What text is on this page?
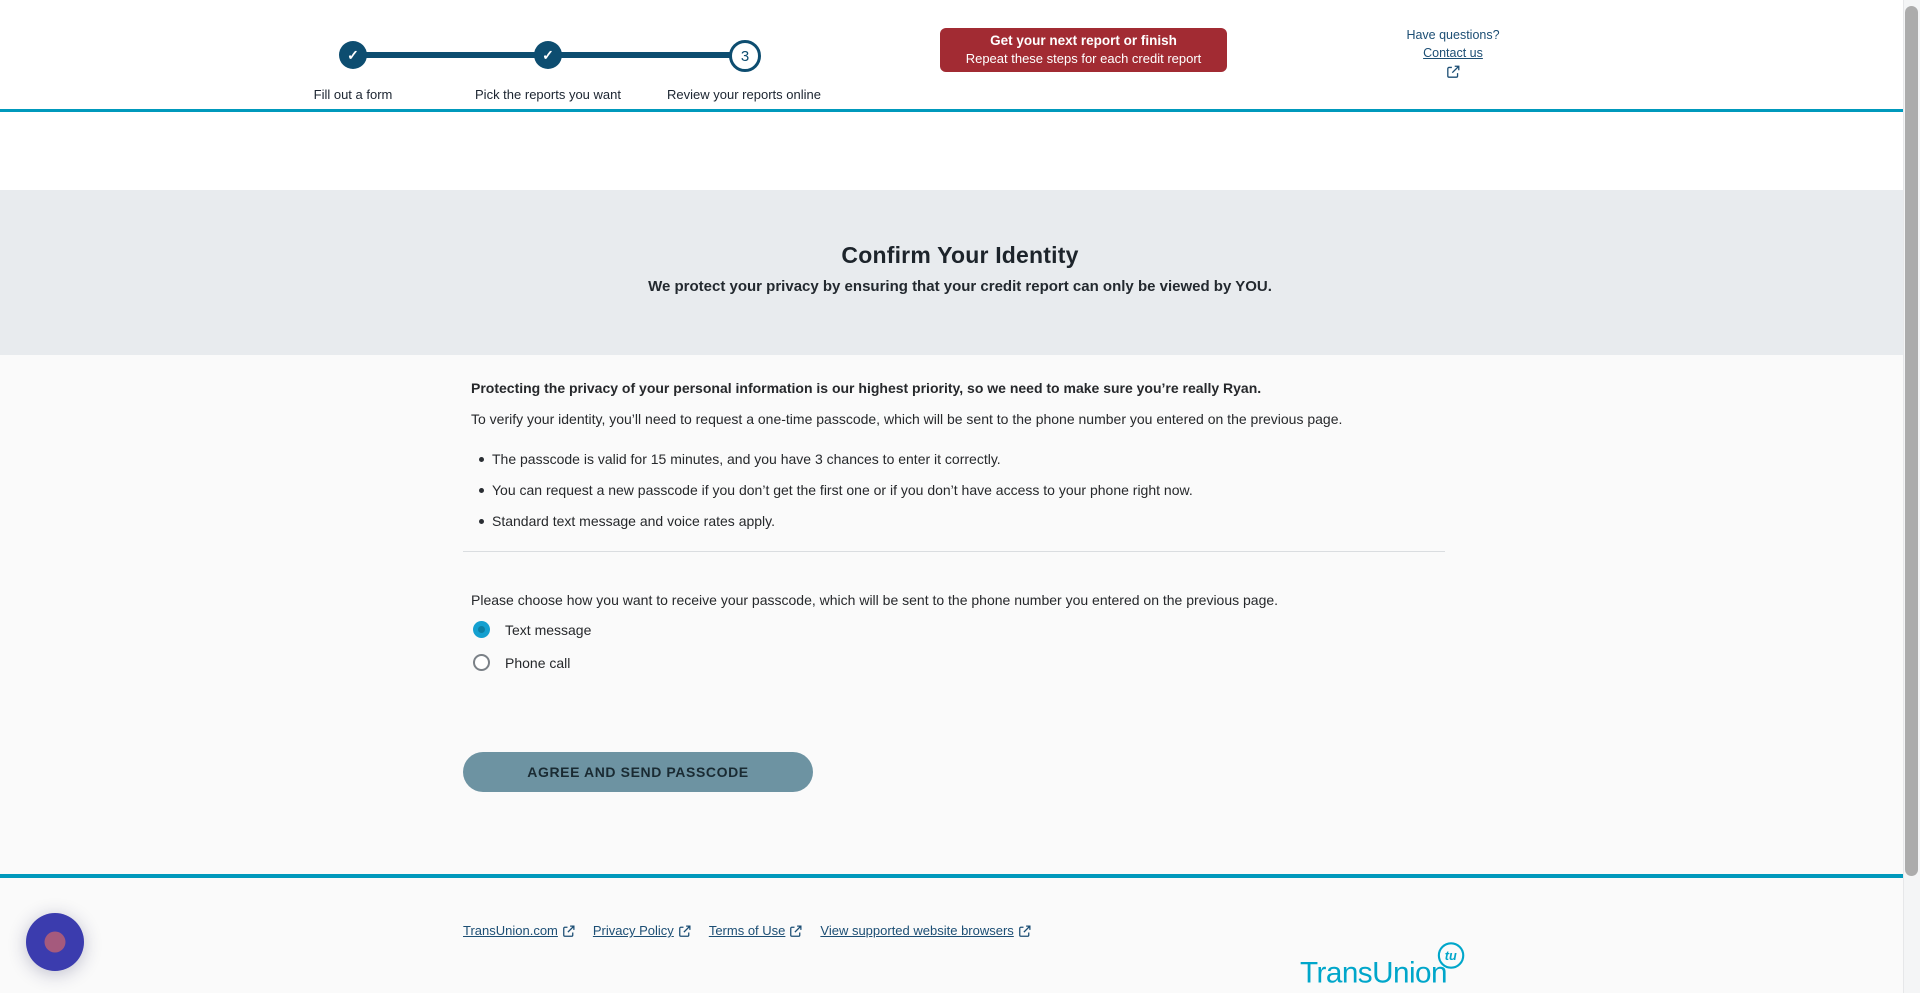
✓	✓	3
Fill out a form	Pick the reports you want	Review your reports online
Get your next report or finish
Repeat these steps for each credit report
Have questions?
Contact us
Confirm Your Identity

We protect your privacy by ensuring that your credit report can only be viewed by YOU.

Protecting the privacy of your personal information is our highest priority, so we need to make sure you’re really Ryan.

To verify your identity, you’ll need to request a one-time passcode, which will be sent to the phone number you entered on the previous page.

The passcode is valid for 15 minutes, and you have 3 chances to enter it correctly.
You can request a new passcode if you don’t get the first one or if you don’t have access to your phone right now.
Standard text message and voice rates apply.

Please choose how you want to receive your passcode, which will be sent to the phone number you entered on the previous page.

Text message
Phone call
AGREE AND SEND PASSCODE
TransUnion.com	Privacy Policy	Terms of Use	View supported website browsers
TransUnion
tu
